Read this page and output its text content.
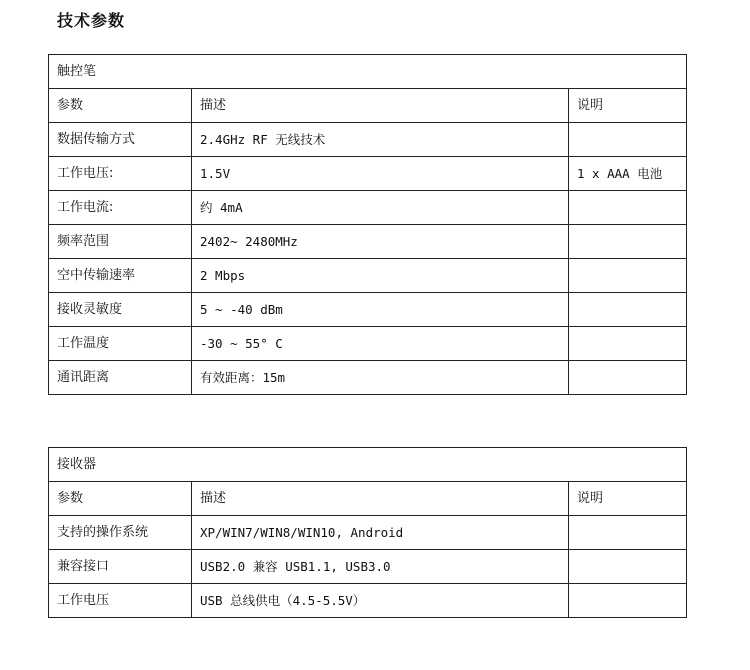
技术参数
触控笔		
参数	描述	说明
数据传输方式	2.4GHz RF 无线技术	
工作电压:	1.5V	1 x AAA 电池
工作电流:	约 4mA	
频率范围	2402~ 2480MHz	
空中传输速率	2 Mbps	
接收灵敏度	5 ~ -40 dBm	
工作温度	-30 ~ 55° C	
通讯距离	有效距离：15m	
接收器		
参数	描述	说明
支持的操作系统	XP/WIN7/WIN8/WIN10, Android	
兼容接口	USB2.0 兼容 USB1.1, USB3.0	
工作电压	USB 总线供电（4.5-5.5V）	
